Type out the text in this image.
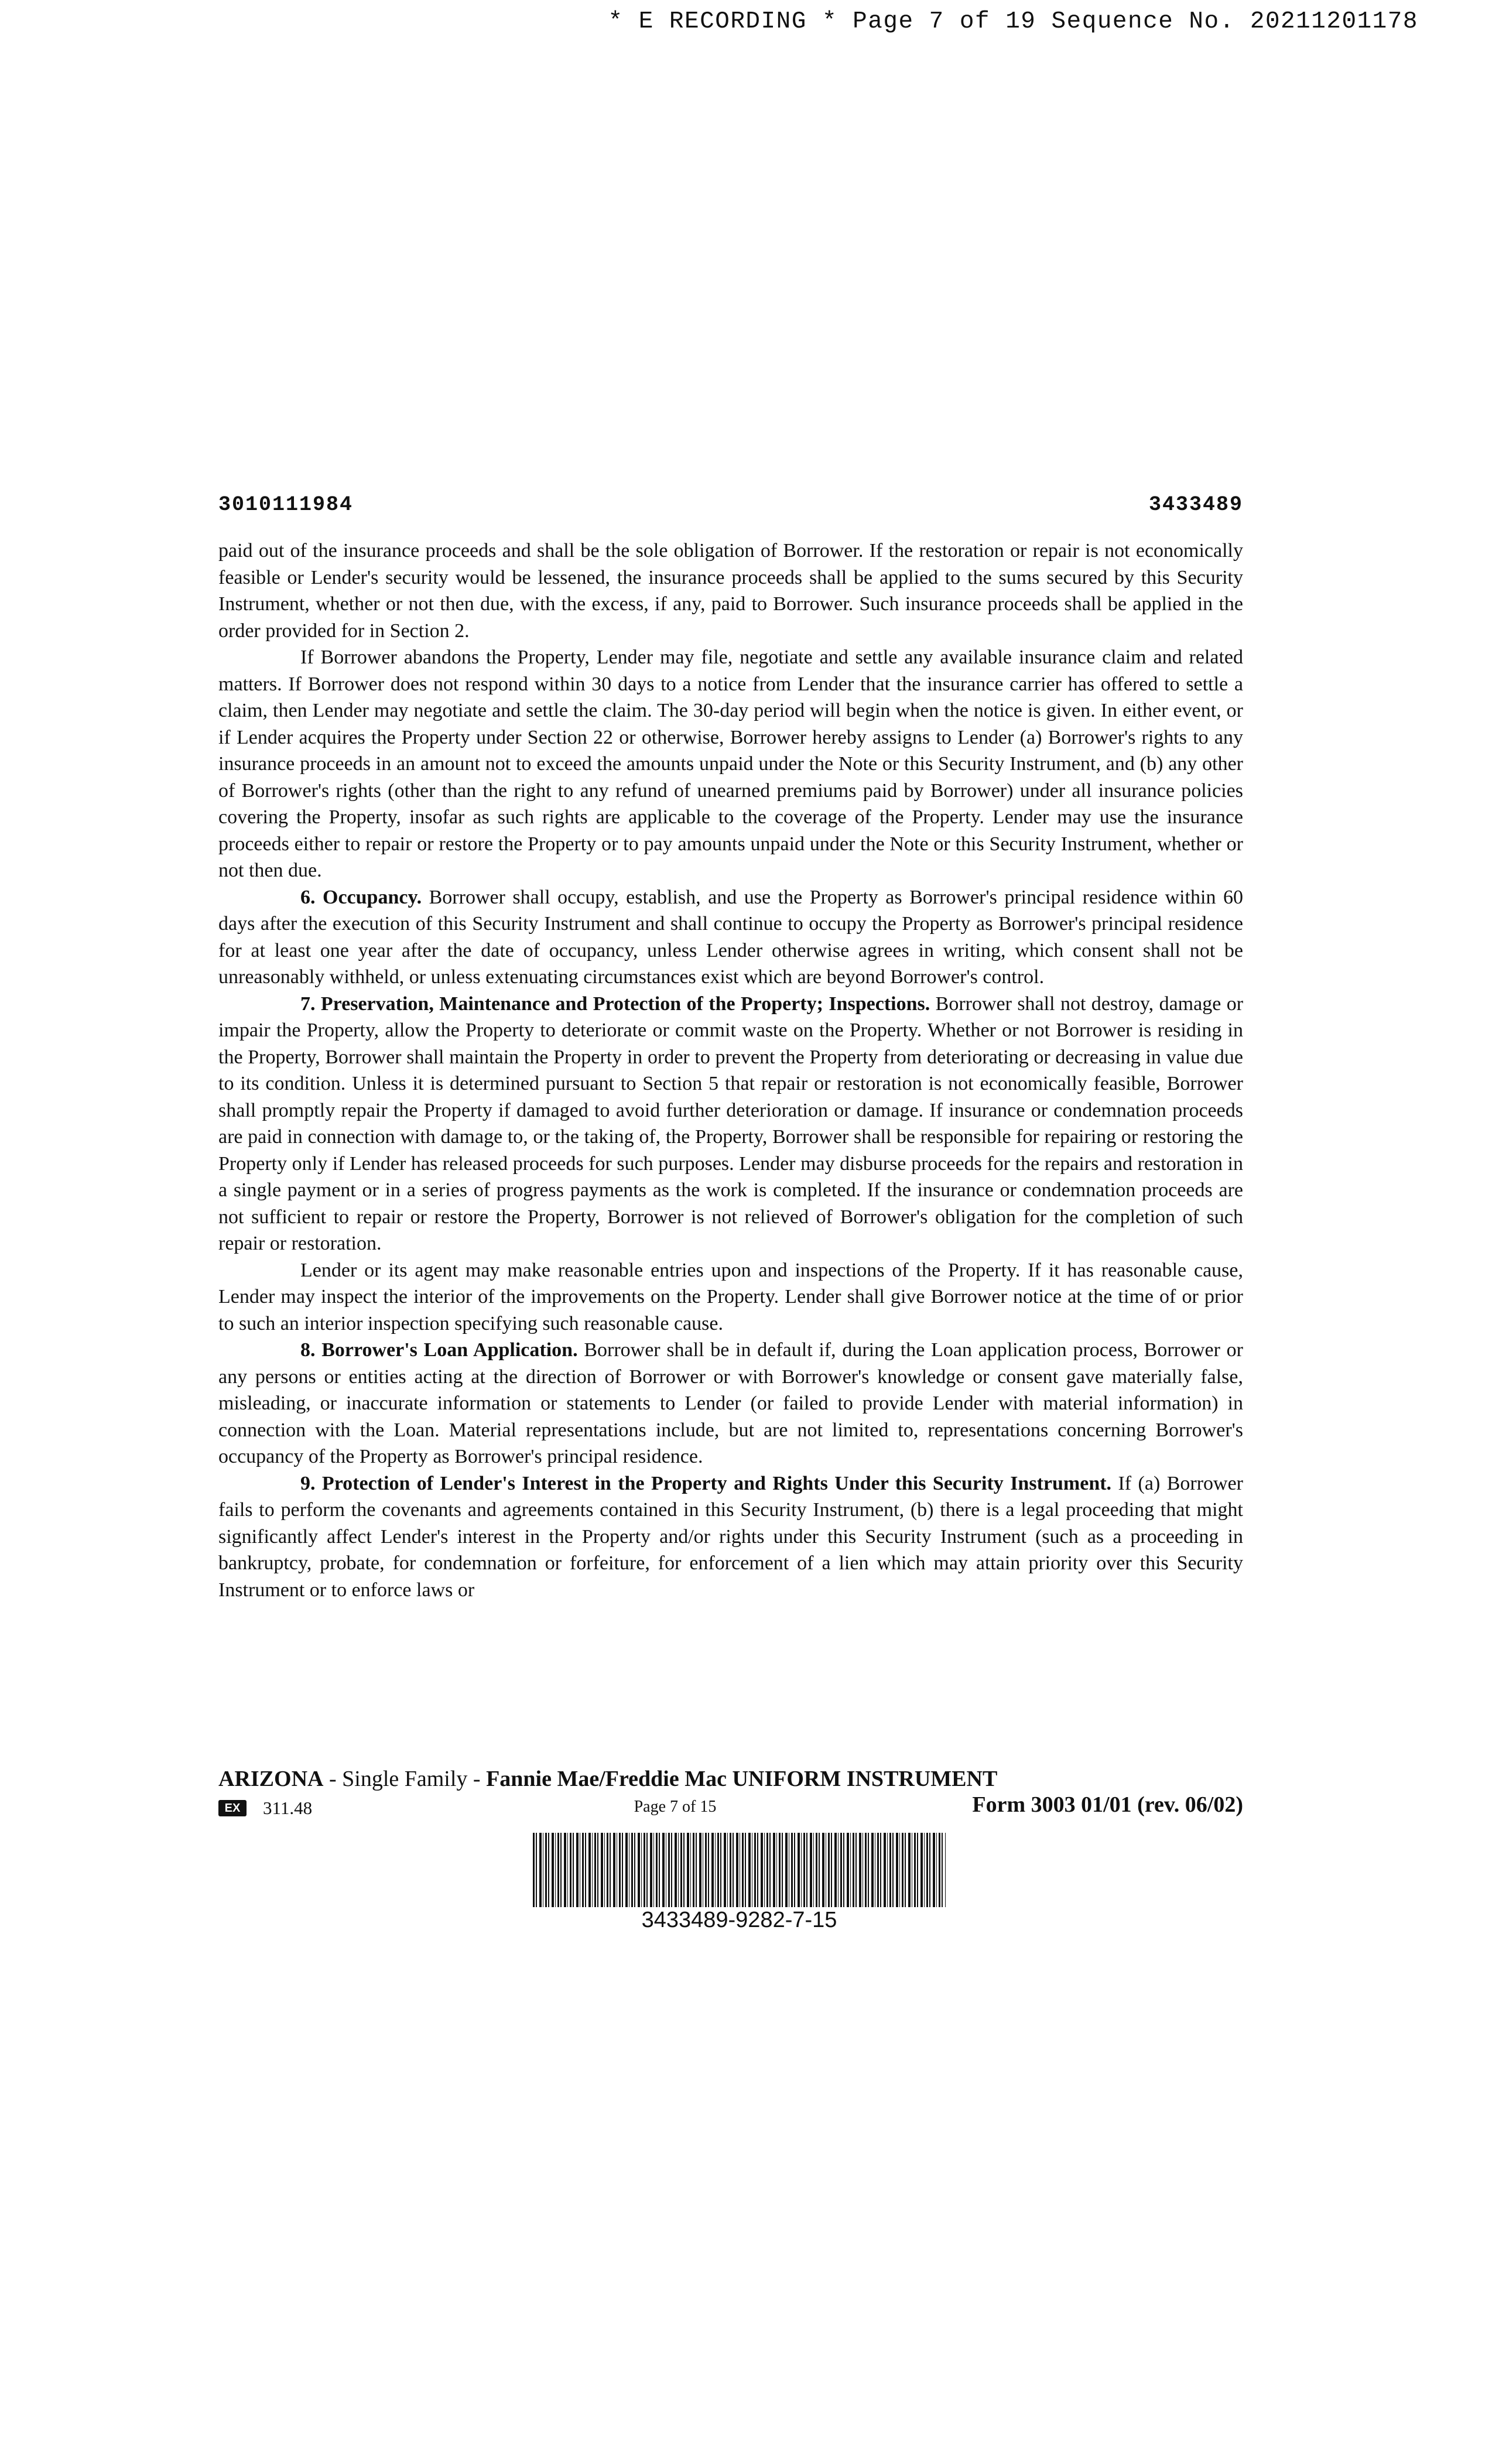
* E RECORDING * Page 7 of 19 Sequence No. 20211201178
3010111984	3433489

paid out of the insurance proceeds and shall be the sole obligation of Borrower. If the restoration or repair is not economically feasible or Lender's security would be lessened, the insurance proceeds shall be applied to the sums secured by this Security Instrument, whether or not then due, with the excess, if any, paid to Borrower. Such insurance proceeds shall be applied in the order provided for in Section 2.

If Borrower abandons the Property, Lender may file, negotiate and settle any available insurance claim and related matters. If Borrower does not respond within 30 days to a notice from Lender that the insurance carrier has offered to settle a claim, then Lender may negotiate and settle the claim. The 30-day period will begin when the notice is given. In either event, or if Lender acquires the Property under Section 22 or otherwise, Borrower hereby assigns to Lender (a) Borrower's rights to any insurance proceeds in an amount not to exceed the amounts unpaid under the Note or this Security Instrument, and (b) any other of Borrower's rights (other than the right to any refund of unearned premiums paid by Borrower) under all insurance policies covering the Property, insofar as such rights are applicable to the coverage of the Property. Lender may use the insurance proceeds either to repair or restore the Property or to pay amounts unpaid under the Note or this Security Instrument, whether or not then due.

6. Occupancy. Borrower shall occupy, establish, and use the Property as Borrower's principal residence within 60 days after the execution of this Security Instrument and shall continue to occupy the Property as Borrower's principal residence for at least one year after the date of occupancy, unless Lender otherwise agrees in writing, which consent shall not be unreasonably withheld, or unless extenuating circumstances exist which are beyond Borrower's control.

7. Preservation, Maintenance and Protection of the Property; Inspections. Borrower shall not destroy, damage or impair the Property, allow the Property to deteriorate or commit waste on the Property. Whether or not Borrower is residing in the Property, Borrower shall maintain the Property in order to prevent the Property from deteriorating or decreasing in value due to its condition. Unless it is determined pursuant to Section 5 that repair or restoration is not economically feasible, Borrower shall promptly repair the Property if damaged to avoid further deterioration or damage. If insurance or condemnation proceeds are paid in connection with damage to, or the taking of, the Property, Borrower shall be responsible for repairing or restoring the Property only if Lender has released proceeds for such purposes. Lender may disburse proceeds for the repairs and restoration in a single payment or in a series of progress payments as the work is completed. If the insurance or condemnation proceeds are not sufficient to repair or restore the Property, Borrower is not relieved of Borrower's obligation for the completion of such repair or restoration.

Lender or its agent may make reasonable entries upon and inspections of the Property. If it has reasonable cause, Lender may inspect the interior of the improvements on the Property. Lender shall give Borrower notice at the time of or prior to such an interior inspection specifying such reasonable cause.

8. Borrower's Loan Application. Borrower shall be in default if, during the Loan application process, Borrower or any persons or entities acting at the direction of Borrower or with Borrower's knowledge or consent gave materially false, misleading, or inaccurate information or statements to Lender (or failed to provide Lender with material information) in connection with the Loan. Material representations include, but are not limited to, representations concerning Borrower's occupancy of the Property as Borrower's principal residence.

9. Protection of Lender's Interest in the Property and Rights Under this Security Instrument. If (a) Borrower fails to perform the covenants and agreements contained in this Security Instrument, (b) there is a legal proceeding that might significantly affect Lender's interest in the Property and/or rights under this Security Instrument (such as a proceeding in bankruptcy, probate, for condemnation or forfeiture, for enforcement of a lien which may attain priority over this Security Instrument or to enforce laws or

ARIZONA - Single Family - Fannie Mae/Freddie Mac UNIFORM INSTRUMENT
EX	311.48	Page 7 of 15	Form 3003 01/01 (rev. 06/02)
3433489-9282-7-15
